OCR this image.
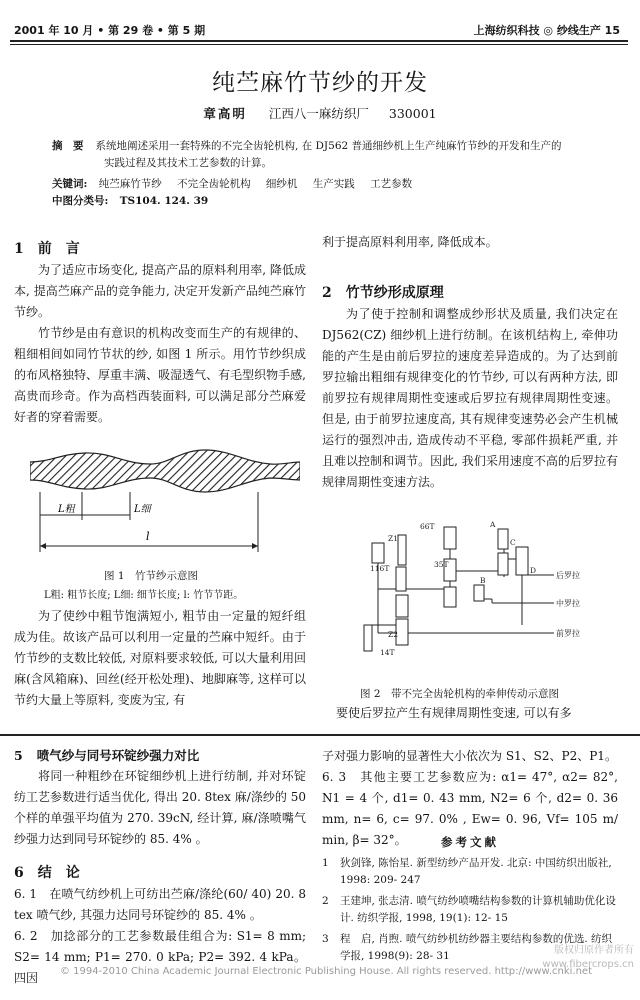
2001 年 10 月 • 第 29 卷 • 第 5 期	上海纺织科技 ◎ 纱线生产 15
纯苎麻竹节纱的开发
章高明 江西八一麻纺织厂 330001
摘　要 系统地阐述采用一套特殊的不完全齿轮机构, 在 DJ562 普通细纱机上生产纯麻竹节纱的开发和生产的
实践过程及其技术工艺参数的计算。
关键词: 纯苎麻竹节纱 不完全齿轮机构 细纱机 生产实践 工艺参数
中图分类号: TS104. 124. 39
1 前　言

为了适应市场变化, 提高产品的原料利用率, 降低成本, 提高苎麻产品的竞争能力, 决定开发新产品纯苎麻竹节纱。

竹节纱是由有意识的机构改变而生产的有规律的、粗细相间如同竹节状的纱, 如图 1 所示。用竹节纱织成的布风格独特、厚重丰满、吸湿透气、有毛型织物手感, 高贵而珍奇。作为高档西装面料, 可以满足部分苎麻爱好者的穿着需要。

L粗	L细
l
图 1　竹节纱示意图
L粗: 粗节长度; L细: 细节长度; l: 竹节节距。

为了使纱中粗节饱满短小, 粗节由一定量的短纤组成为佳。故该产品可以利用一定量的苎麻中短纤。由于竹节纱的支数比较低, 对原料要求较低, 可以大量利用回麻(含风箱麻)、回丝(经开松处理)、地脚麻等, 这样可以节约大量上等原料, 变废为宝, 有

利于提高原料利用率, 降低成本。

2 竹节纱形成原理

为了使于控制和调整成纱形状及质量, 我们决定在 DJ562(CZ) 细纱机上进行纺制。在该机结构上, 牵伸功能的产生是由前后罗拉的速度差异造成的。为了达到前罗拉输出粗细有规律变化的竹节纱, 可以有两种方法, 即前罗拉有规律周期性变速或后罗拉有规律周期性变速。但是, 由于前罗拉速度高, 其有规律变速势必会产生机械运行的强烈冲击, 造成传动不平稳, 零部件损耗严重, 并且难以控制和调节。因此, 我们采用速度不高的后罗拉有规律周期性变速方法。

Z1
Z2
116T
66T
35T
14T
A
B
C
D
后罗拉
中罗拉
前罗拉
图 2　带不完全齿轮机构的牵伸传动示意图

要使后罗拉产生有规律周期性变速, 可以有多

5 喷气纱与同号环锭纱强力对比

将同一种粗纱在环锭细纱机上进行纺制, 并对环锭纺工艺参数进行适当优化, 得出 20. 8tex 麻/涤纱的 50 个样的单强平均值为 270. 39cN, 经计算, 麻/涤喷嘴气纱强力达到同号环锭纱的 85. 4% 。

6 结　论

6. 1　在喷气纺纱机上可纺出苎麻/涤纶(60/ 40) 20. 8 tex 喷气纱, 其强力达同号环锭纱的 85. 4% 。

6. 2　加捻部分的工艺参数最佳组合为: S1= 8 mm; S2= 14 mm; P1= 270. 0 kPa; P2= 392. 4 kPa。四因

子对强力影响的显著性大小依次为 S1、S2、P2、P1。

6. 3　其他主要工艺参数应为: α1= 47°, α2= 82°, N1 = 4 个, d1= 0. 43 mm, N2= 6 个, d2= 0. 36 mm, n= 6, c= 97. 0% , Ew= 0. 96, Vf= 105 m/ min, β= 32°。	参考文献
1	狄剑锋, 陈怡星. 新型纺纱产品开发. 北京: 中国纺织出版社, 1998: 209- 247
2	王建坤, 张志清. 喷气纺纱喷嘴结构参数的计算机辅助优化设计. 纺织学报, 1998, 19(1): 12- 15
3	程　启, 肖煦. 喷气纺纱机纺纱器主要结构参数的优选. 纺织学报, 1998(9): 28- 31
© 1994-2010 China Academic Journal Electronic Publishing House. All rights reserved. http://www.cnki.net
版权归原作者所有
www.fibercrops.cn
